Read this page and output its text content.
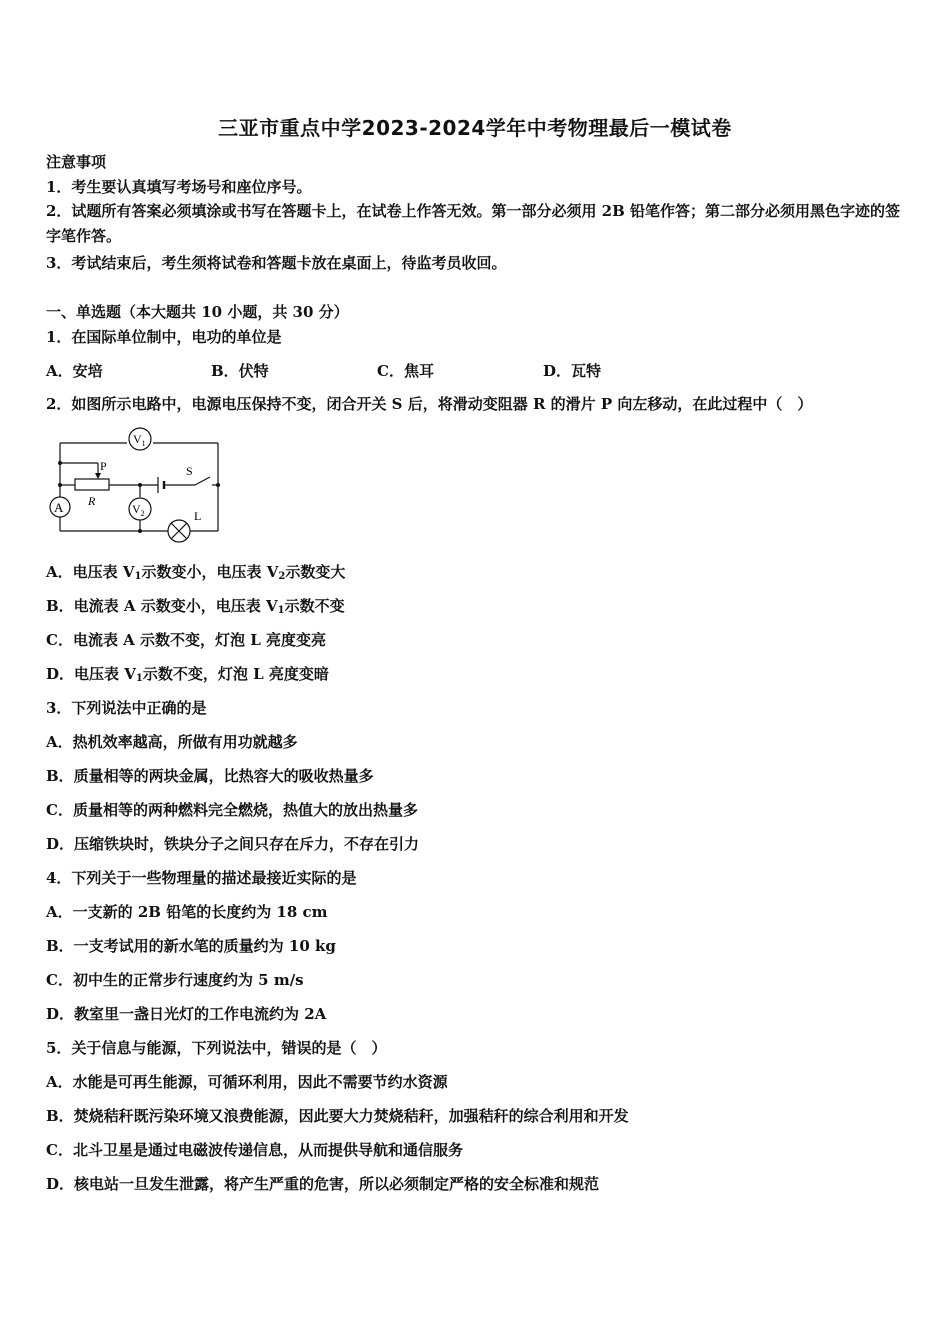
三亚市重点中学2023-2024学年中考物理最后一模试卷
注意事项
1．考生要认真填写考场号和座位序号。
2．试题所有答案必须填涂或书写在答题卡上，在试卷上作答无效。第一部分必须用 2B 铅笔作答；第二部分必须用黑色字迹的签字笔作答。
3．考试结束后，考生须将试卷和答题卡放在桌面上，待监考员收回。
一、单选题（本大题共 10 小题，共 30 分）
1．在国际单位制中，电功的单位是
A．安培	B．伏特	C．焦耳	D．瓦特
2．如图所示电路中，电源电压保持不变，闭合开关 S 后，将滑动变阻器 R 的滑片 P 向左移动，在此过程中（　）
$V_1$
A	$V_2$
P
R
S
L
A．电压表 $V_1$示数变小，电压表 $V_2$示数变大
B．电流表 A 示数变小，电压表 $V_1$示数不变
C．电流表 A 示数不变，灯泡 L 亮度变亮
D．电压表 $V_1$示数不变，灯泡 L 亮度变暗
3．下列说法中正确的是
A．热机效率越高，所做有用功就越多
B．质量相等的两块金属，比热容大的吸收热量多
C．质量相等的两种燃料完全燃烧，热值大的放出热量多
D．压缩铁块时，铁块分子之间只存在斥力，不存在引力
4．下列关于一些物理量的描述最接近实际的是
A．一支新的 2B 铅笔的长度约为 18 cm
B．一支考试用的新水笔的质量约为 10 kg
C．初中生的正常步行速度约为 5 m/s
D．教室里一盏日光灯的工作电流约为 2A
5．关于信息与能源，下列说法中，错误的是（　）
A．水能是可再生能源，可循环利用，因此不需要节约水资源
B．焚烧秸秆既污染环境又浪费能源，因此要大力焚烧秸秆，加强秸秆的综合利用和开发
C．北斗卫星是通过电磁波传递信息，从而提供导航和通信服务
D．核电站一旦发生泄露，将产生严重的危害，所以必须制定严格的安全标准和规范
